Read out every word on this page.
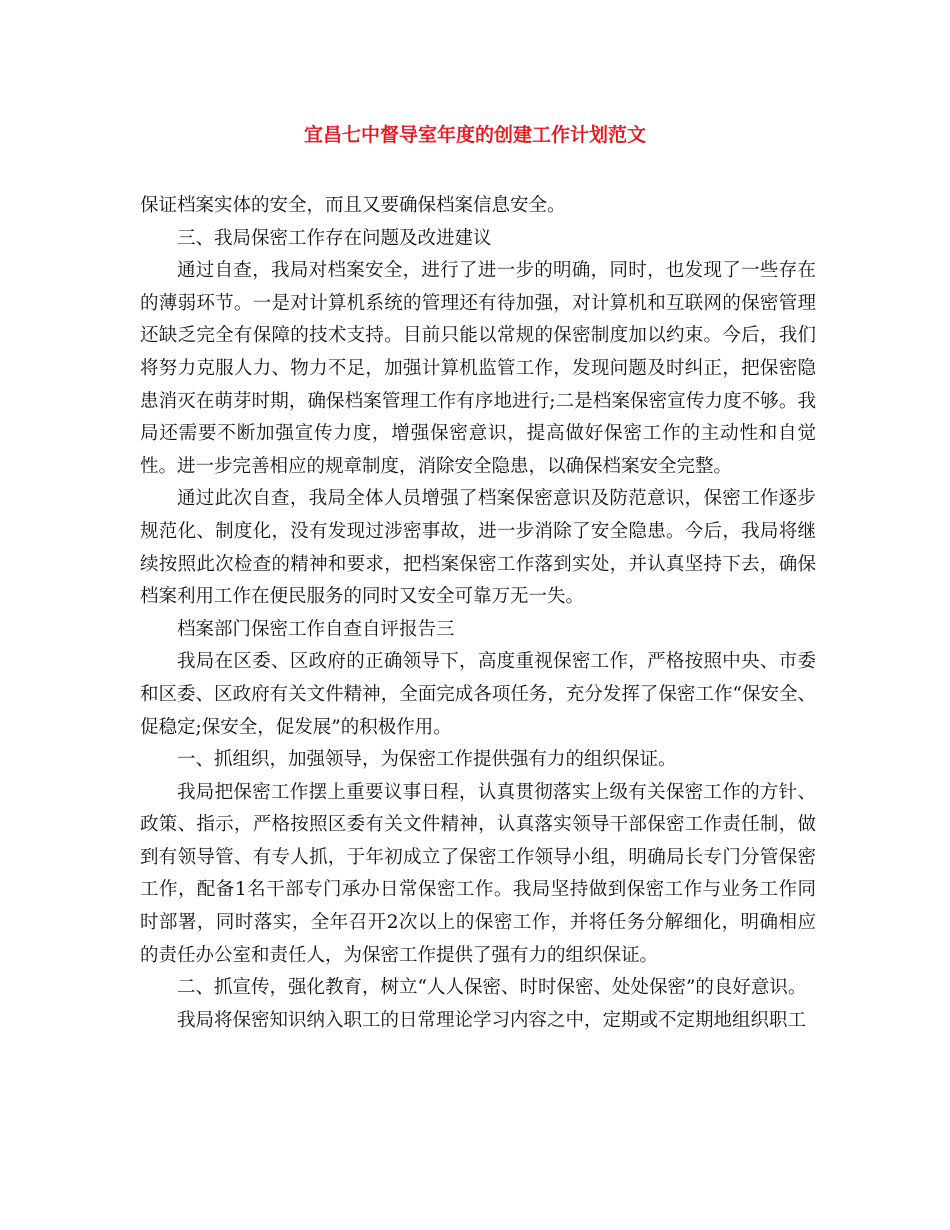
宜昌七中督导室年度的创建工作计划范文

保证档案实体的安全，而且又要确保档案信息安全。

三、我局保密工作存在问题及改进建议

通过自查，我局对档案安全，进行了进一步的明确，同时，也发现了一些存在的薄弱环节。一是对计算机系统的管理还有待加强，对计算机和互联网的保密管理还缺乏完全有保障的技术支持。目前只能以常规的保密制度加以约束。今后，我们将努力克服人力、物力不足，加强计算机监管工作，发现问题及时纠正，把保密隐患消灭在萌芽时期，确保档案管理工作有序地进行;二是档案保密宣传力度不够。我局还需要不断加强宣传力度，增强保密意识，提高做好保密工作的主动性和自觉性。进一步完善相应的规章制度，消除安全隐患，以确保档案安全完整。

通过此次自查，我局全体人员增强了档案保密意识及防范意识，保密工作逐步规范化、制度化，没有发现过涉密事故，进一步消除了安全隐患。今后，我局将继续按照此次检查的精神和要求，把档案保密工作落到实处，并认真坚持下去，确保档案利用工作在便民服务的同时又安全可靠万无一失。

档案部门保密工作自查自评报告三

我局在区委、区政府的正确领导下，高度重视保密工作，严格按照中央、市委和区委、区政府有关文件精神，全面完成各项任务，充分发挥了保密工作“保安全、促稳定;保安全，促发展”的积极作用。

一、抓组织，加强领导，为保密工作提供强有力的组织保证。

我局把保密工作摆上重要议事日程，认真贯彻落实上级有关保密工作的方针、政策、指示，严格按照区委有关文件精神，认真落实领导干部保密工作责任制，做到有领导管、有专人抓，于年初成立了保密工作领导小组，明确局长专门分管保密工作，配备1名干部专门承办日常保密工作。我局坚持做到保密工作与业务工作同时部署，同时落实，全年召开2次以上的保密工作，并将任务分解细化，明确相应的责任办公室和责任人，为保密工作提供了强有力的组织保证。

二、抓宣传，强化教育，树立“人人保密、时时保密、处处保密”的良好意识。

我局将保密知识纳入职工的日常理论学习内容之中，定期或不定期地组织职工
